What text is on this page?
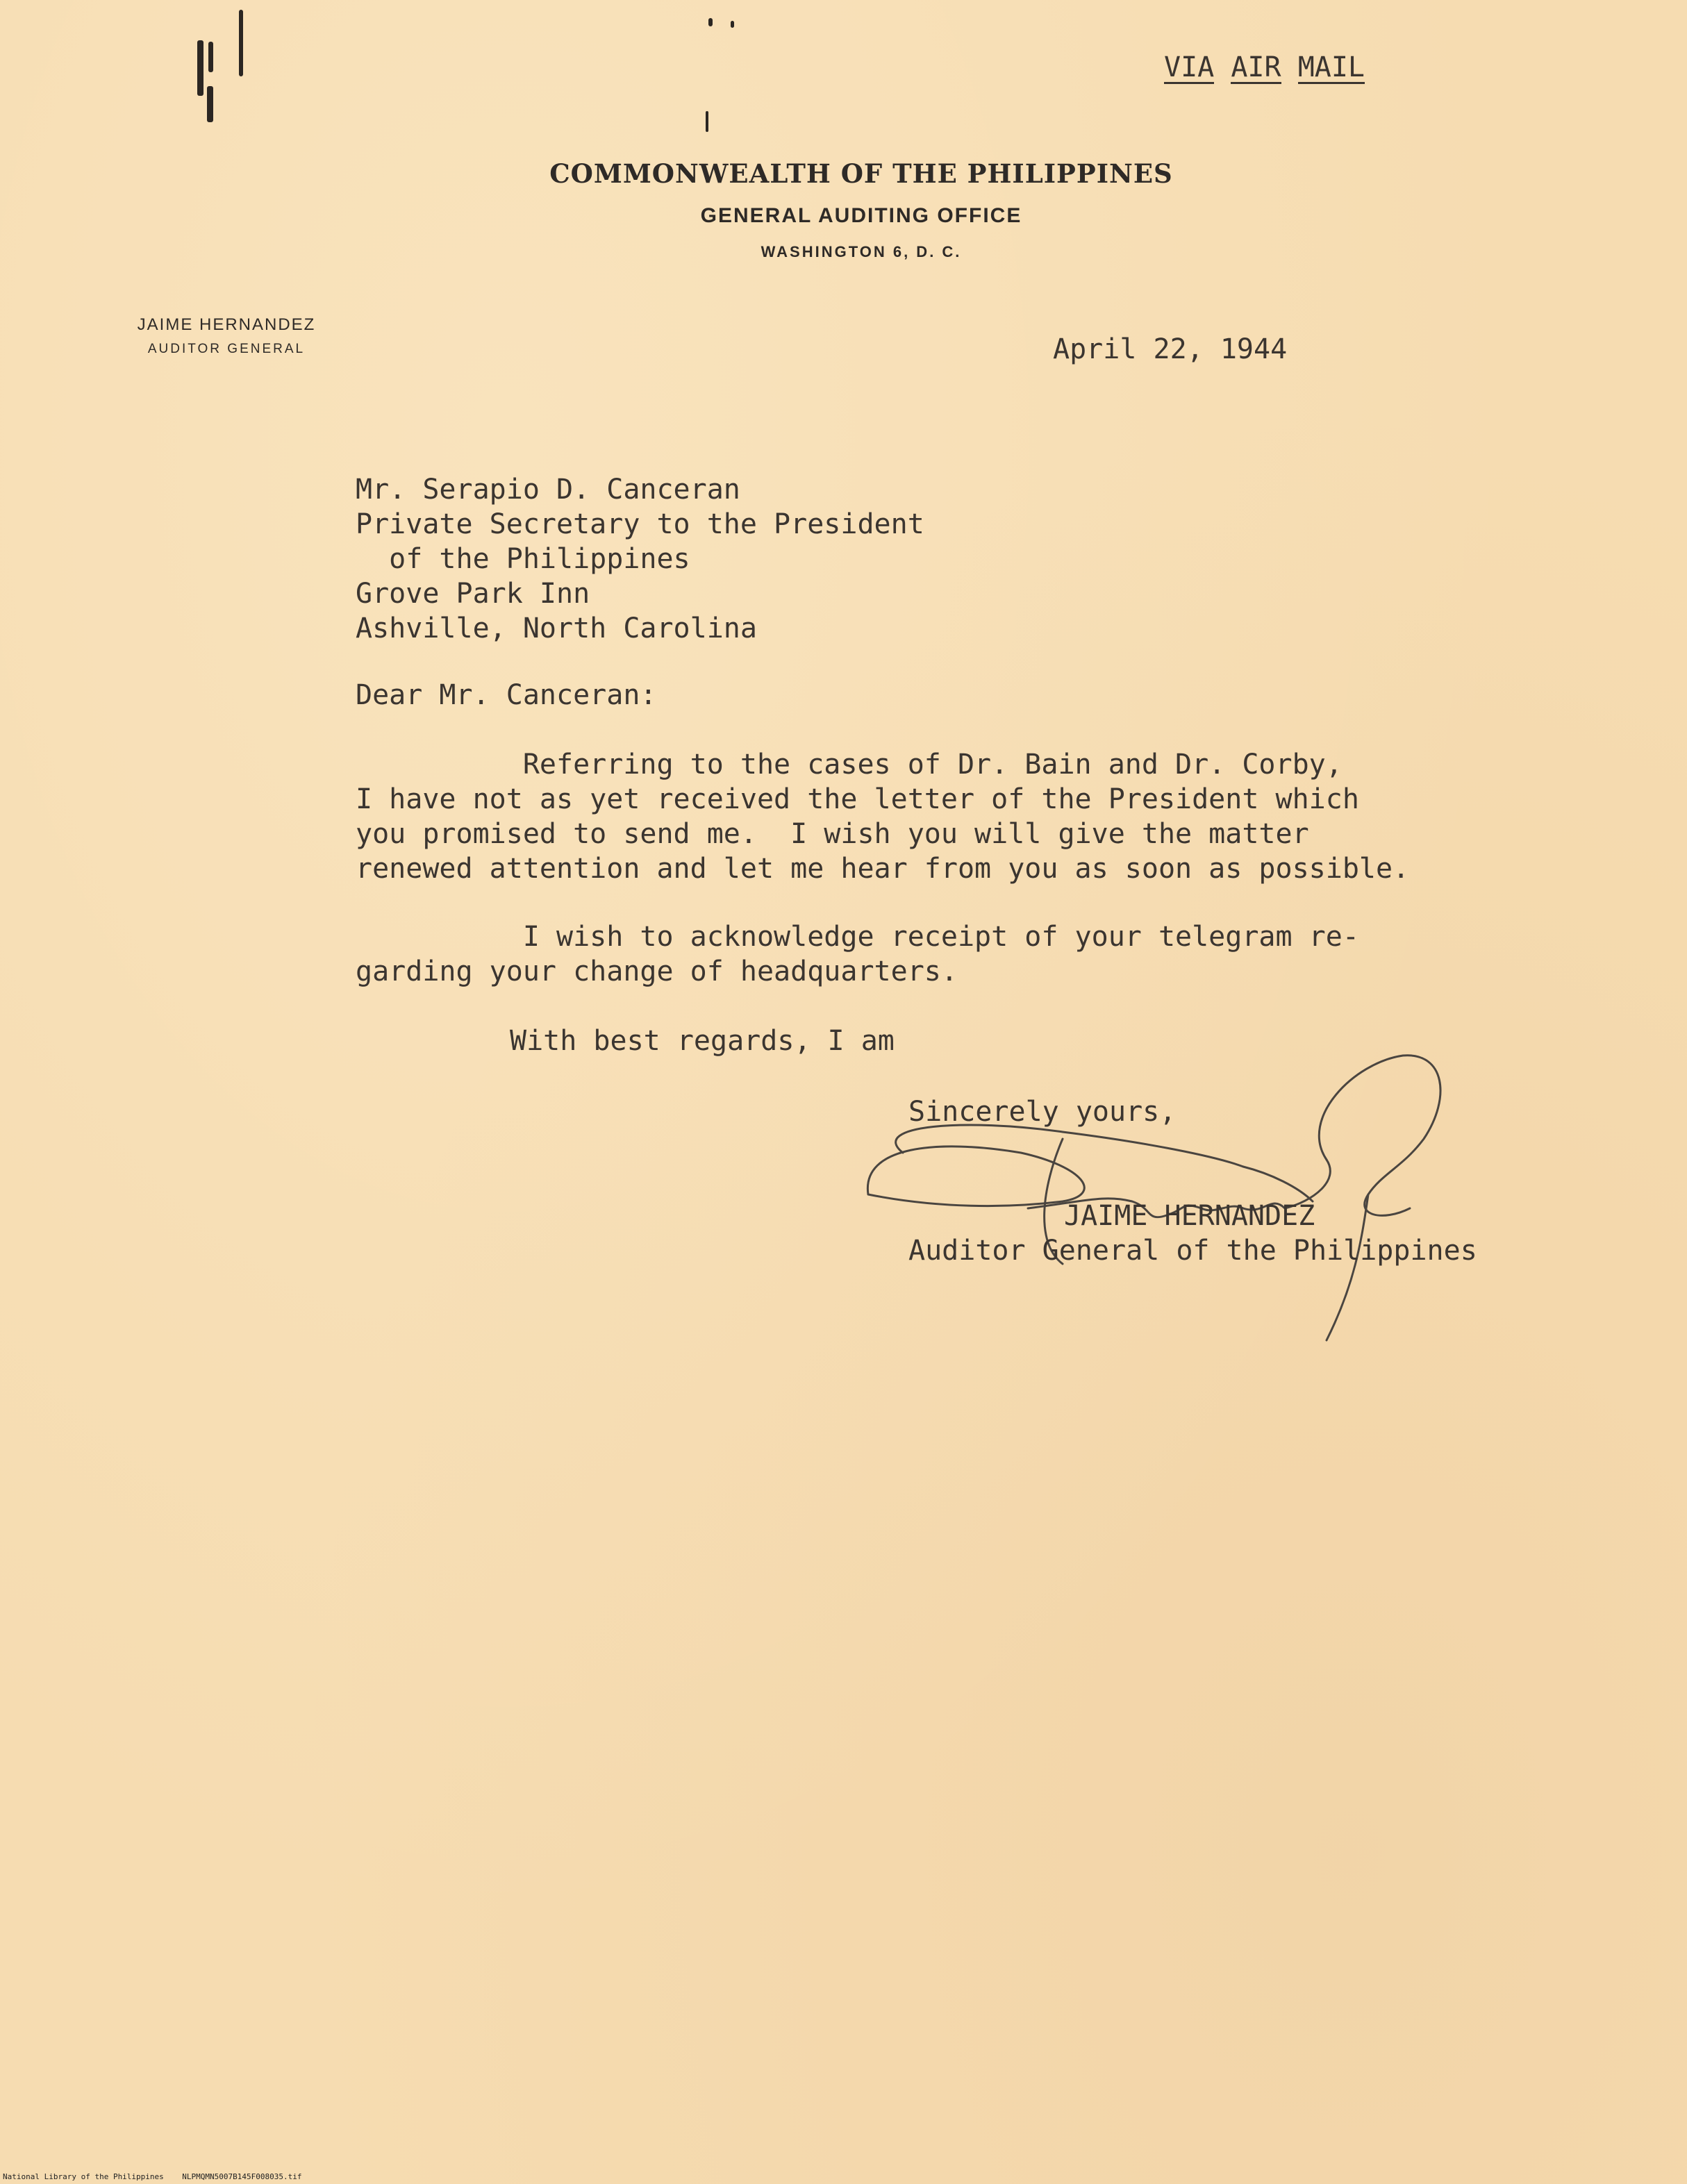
VIA AIR MAIL
COMMONWEALTH OF THE PHILIPPINES
GENERAL AUDITING OFFICE
WASHINGTON 6, D. C.
JAIME HERNANDEZ
AUDITOR GENERAL	April 22, 1944
Mr. Serapio D. Canceran
Private Secretary to the President
of the Philippines
Grove Park Inn
Ashville, North Carolina
Dear Mr. Canceran:
Referring to the cases of Dr. Bain and Dr. Corby,
I have not as yet received the letter of the President which
you promised to send me.  I wish you will give the matter
renewed attention and let me hear from you as soon as possible.
I wish to acknowledge receipt of your telegram re-
garding your change of headquarters.
With best regards, I am
Sincerely yours,
JAIME HERNANDEZ
Auditor General of the Philippines
National Library of the Philippines    NLPMQMN5007B145F008035.tif
